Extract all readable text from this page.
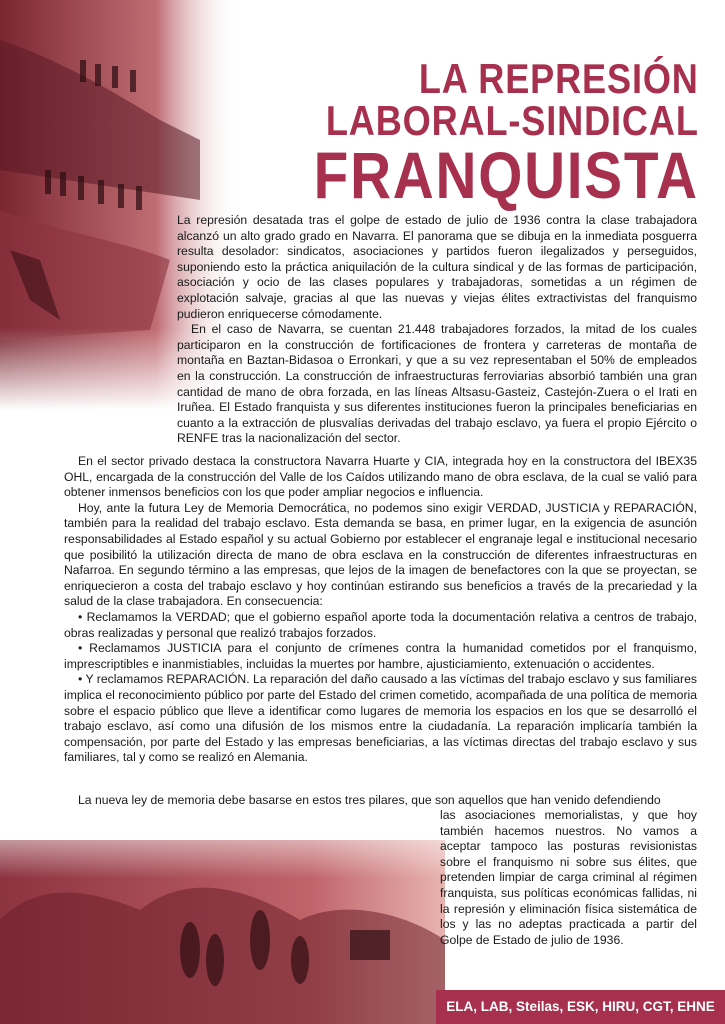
LA REPRESIÓN
LABORAL-SINDICAL
FRANQUISTA

La represión desatada tras el golpe de estado de julio de 1936 contra la clase trabajadora alcanzó un alto grado grado en Navarra. El panorama que se dibuja en la inmediata posguerra resulta desolador: sindicatos, asociaciones y partidos fueron ilegalizados y perseguidos, suponiendo esto la práctica aniquilación de la cultura sindical y de las formas de participación, asociación y ocio de las clases populares y trabajadoras, sometidas a un régimen de explotación salvaje, gracias al que las nuevas y viejas élites extractivistas del franquismo pudieron enriquecerse cómodamente.

En el caso de Navarra, se cuentan 21.448 trabajadores forzados, la mitad de los cuales participaron en la construcción de fortificaciones de frontera y carreteras de montaña de montaña en Baztan-Bidasoa o Erronkari, y que a su vez representaban el 50% de empleados en la construcción. La construcción de infraestructuras ferroviarias absorbió también una gran cantidad de mano de obra forzada, en las líneas Altsasu-Gasteiz, Castejón-Zuera o el Irati en Iruñea. El Estado franquista y sus diferentes instituciones fueron la principales beneficiarias en cuanto a la extracción de plusvalías derivadas del trabajo esclavo, ya fuera el propio Ejército o RENFE tras la nacionalización del sector.

En el sector privado destaca la constructora Navarra Huarte y CIA, integrada hoy en la constructora del IBEX35 OHL, encargada de la construcción del Valle de los Caídos utilizando mano de obra esclava, de la cual se valió para obtener inmensos beneficios con los que poder ampliar negocios e influencia.

Hoy, ante la futura Ley de Memoria Democrática, no podemos sino exigir VERDAD, JUSTICIA y REPARACIÓN, también para la realidad del trabajo esclavo. Esta demanda se basa, en primer lugar, en la exigencia de asunción responsabilidades al Estado español y su actual Gobierno por establecer el engranaje legal e institucional necesario que posibilitó la utilización directa de mano de obra esclava en la construcción de diferentes infraestructuras en Nafarroa. En segundo término a las empresas, que lejos de la imagen de benefactores con la que se proyectan, se enriquecieron a costa del trabajo esclavo y hoy continúan estirando sus beneficios a través de la precariedad y la salud de la clase trabajadora. En consecuencia:

• Reclamamos la VERDAD; que el gobierno español aporte toda la documentación relativa a centros de trabajo, obras realizadas y personal que realizó trabajos forzados.

• Reclamamos JUSTICIA para el conjunto de crímenes contra la humanidad cometidos por el franquismo, imprescriptibles e inanmistiables, incluidas la muertes por hambre, ajusticiamiento, extenuación o accidentes.

• Y reclamamos REPARACIÓN. La reparación del daño causado a las víctimas del trabajo esclavo y sus familiares implica el reconocimiento público por parte del Estado del crimen cometido, acompañada de una política de memoria sobre el espacio público que lleve a identificar como lugares de memoria los espacios en los que se desarrolló el trabajo esclavo, así como una difusión de los mismos entre la ciudadanía. La reparación implicaría también la compensación, por parte del Estado y las empresas beneficiarias, a las víctimas directas del trabajo esclavo y sus familiares, tal y como se realizó en Alemania.

La nueva ley de memoria debe basarse en estos tres pilares, que son aquellos que han venido defendiendo

las asociaciones memorialistas, y que hoy también hacemos nuestros. No vamos a aceptar tampoco las posturas revisionistas sobre el franquismo ni sobre sus élites, que pretenden limpiar de carga criminal al régimen franquista, sus políticas económicas fallidas, ni la represión y eliminación física sistemática de los y las no adeptas practicada a partir del Golpe de Estado de julio de 1936.

ELA, LAB, Steilas, ESK, HIRU, CGT, EHNE
